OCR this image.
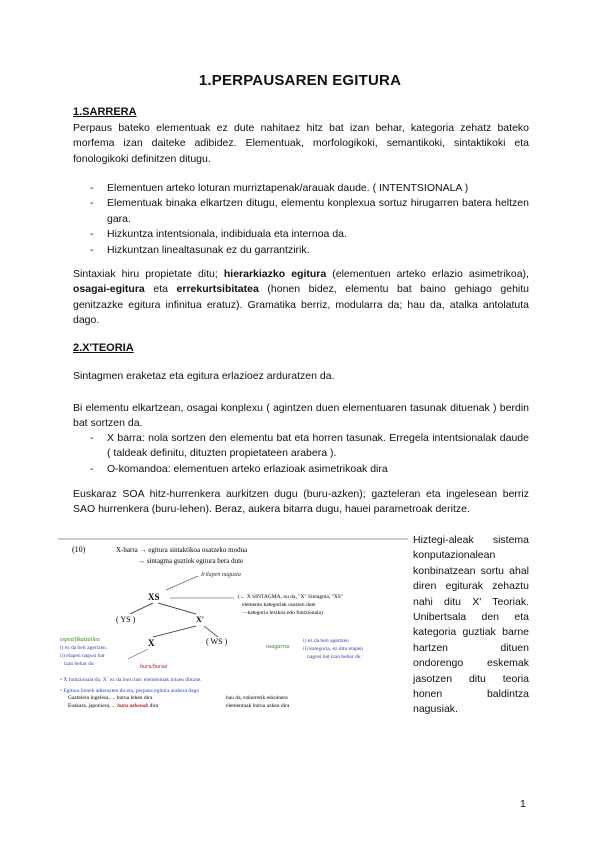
1.PERPAUSAREN EGITURA
1.SARRERA
Perpaus bateko elementuak ez dute nahitaez hitz bat izan behar, kategoria zehatz bateko morfema izan daiteke adibidez. Elementuak, morfologikoki, semantikoki, sintaktikoki eta fonologikoki definitzen ditugu.
- Elementuen arteko loturan murriztapenak/arauak daude. ( INTENTSIONALA )
- Elementuak binaka elkartzen ditugu, elementu konplexua sortuz hirugarren batera heltzen gara.
- Hizkuntza intentsionala, indibiduala eta internoa da.
- Hizkuntzan linealtasunak ez du garrantzirik.
Sintaxiak hiru propietate ditu; hierarkiazko egitura (elementuen arteko erlazio asimetrikoa), osagai-egitura eta errekurtsibitatea (honen bidez, elementu bat baino gehiago gehitu genitzazke egitura infinitua eratuz). Gramatika berriz, modularra da; hau da, atalka antolatuta dago.
2.X'TEORIA
Sintagmen eraketaz eta egitura erlazioez arduratzen da.
Bi elementu elkartzean, osagai konplexu ( agintzen duen elementuaren tasunak dituenak ) berdin bat sortzen da.
- X barra: nola sortzen den elementu bat eta horren tasunak. Erregela intentsionalak daude ( taldeak definitu, dituzten propietateen arabera ).
- O-komandoa: elementuen arteko erlazioak asimetrikoak dira
Euskaraz SOA hitz-hurrenkera aurkitzen dugu (buru-azken); gazteleran eta ingelesean berriz SAO hurrenkera (buru-lehen). Beraz, aukera bitarra dugu, hauei parametroak deritze.
(10)	X-barra → egitura sintaktikoa osatzeko modua
→ sintagma guztiek egitura bera dute
Irilapen nagusia
XS	(← X SINTAGMA, nu da, "X" Sintagma, "XS"
elementu kategoriak osatzen dute
—kategoria lexikoa edo funtzionala)
( YS )	X'
X	( WS )
espezifikatzailea
i) ez da beti agertzen.
ii) elapen nagusi bat
izan behar du
osagarria
i) ez da beti agertzen
ii) kategoria, ez ditu elapen
nagusi bat izan behar du
buru/burua
• X funtzionala da, X´ ez da buru bat: elementuak lotzen dituzte.
• Egitura honek adierazten du eta, perpaus egitura arabera dago
Gaztelera ingelesa, ... burua lehen dira
Euskara, japoniera, ... buru azkenak dira
hau da, ezkerretik eskuinera
elementuak burua azken dira
Hiztegi-aleak sistema konputazionalean konbinatzean sortu ahal diren egiturak zehaztu nahi ditu X' Teoriak. Unibertsala den eta kategoria guztiak barne hartzen dituen ondorengo eskemak jasotzen ditu teoria honen baldintza nagusiak.
1
